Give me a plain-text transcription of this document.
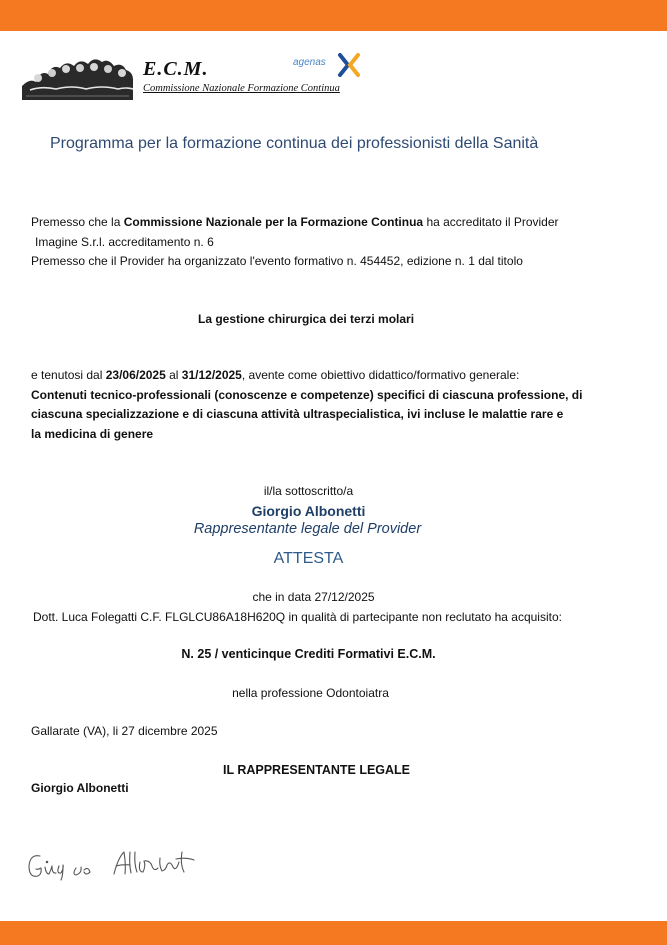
E.C.M.
Commissione Nazionale Formazione Continua
agenas
Programma per la formazione continua dei professionisti della Sanità
Premesso che la Commissione Nazionale per la Formazione Continua ha accreditato il Provider
Imagine S.r.l. accreditamento n. 6
Premesso che il Provider ha organizzato l'evento formativo n. 454452, edizione n. 1 dal titolo
La gestione chirurgica dei terzi molari
e tenutosi dal 23/06/2025 al 31/12/2025, avente come obiettivo didattico/formativo generale:
Contenuti tecnico-professionali (conoscenze e competenze) specifici di ciascuna professione, di
ciascuna specializzazione e di ciascuna attività ultraspecialistica, ivi incluse le malattie rare e
la medicina di genere
il/la sottoscritto/a
Giorgio Albonetti
Rappresentante legale del Provider
ATTESTA
che in data 27/12/2025
Dott. Luca Folegatti C.F. FLGLCU86A18H620Q in qualità di partecipante non reclutato ha acquisito:
N. 25 / venticinque Crediti Formativi E.C.M.
nella professione Odontoiatra
Gallarate (VA), li 27 dicembre 2025
IL RAPPRESENTANTE LEGALE
Giorgio Albonetti
